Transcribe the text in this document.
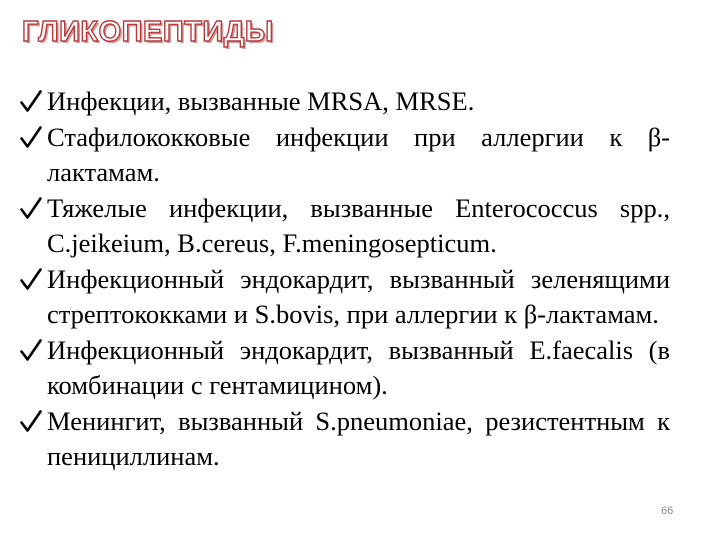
ГЛИКОПЕПТИДЫ
Инфекции, вызванные MRSA, MRSE.
Стафилококковые инфекции при аллергии к β-лактамам.
Тяжелые инфекции, вызванные Enterococcus spp., C.jeikeium, B.cereus, F.meningosepticum.
Инфекционный эндокардит, вызванный зеленящими стрептококками и S.bovis, при аллергии к β-лактамам.
Инфекционный эндокардит, вызванный E.faecalis (в комбинации с гентамицином).
Менингит, вызванный S.pneumoniae, резистентным к пенициллинам.
66
